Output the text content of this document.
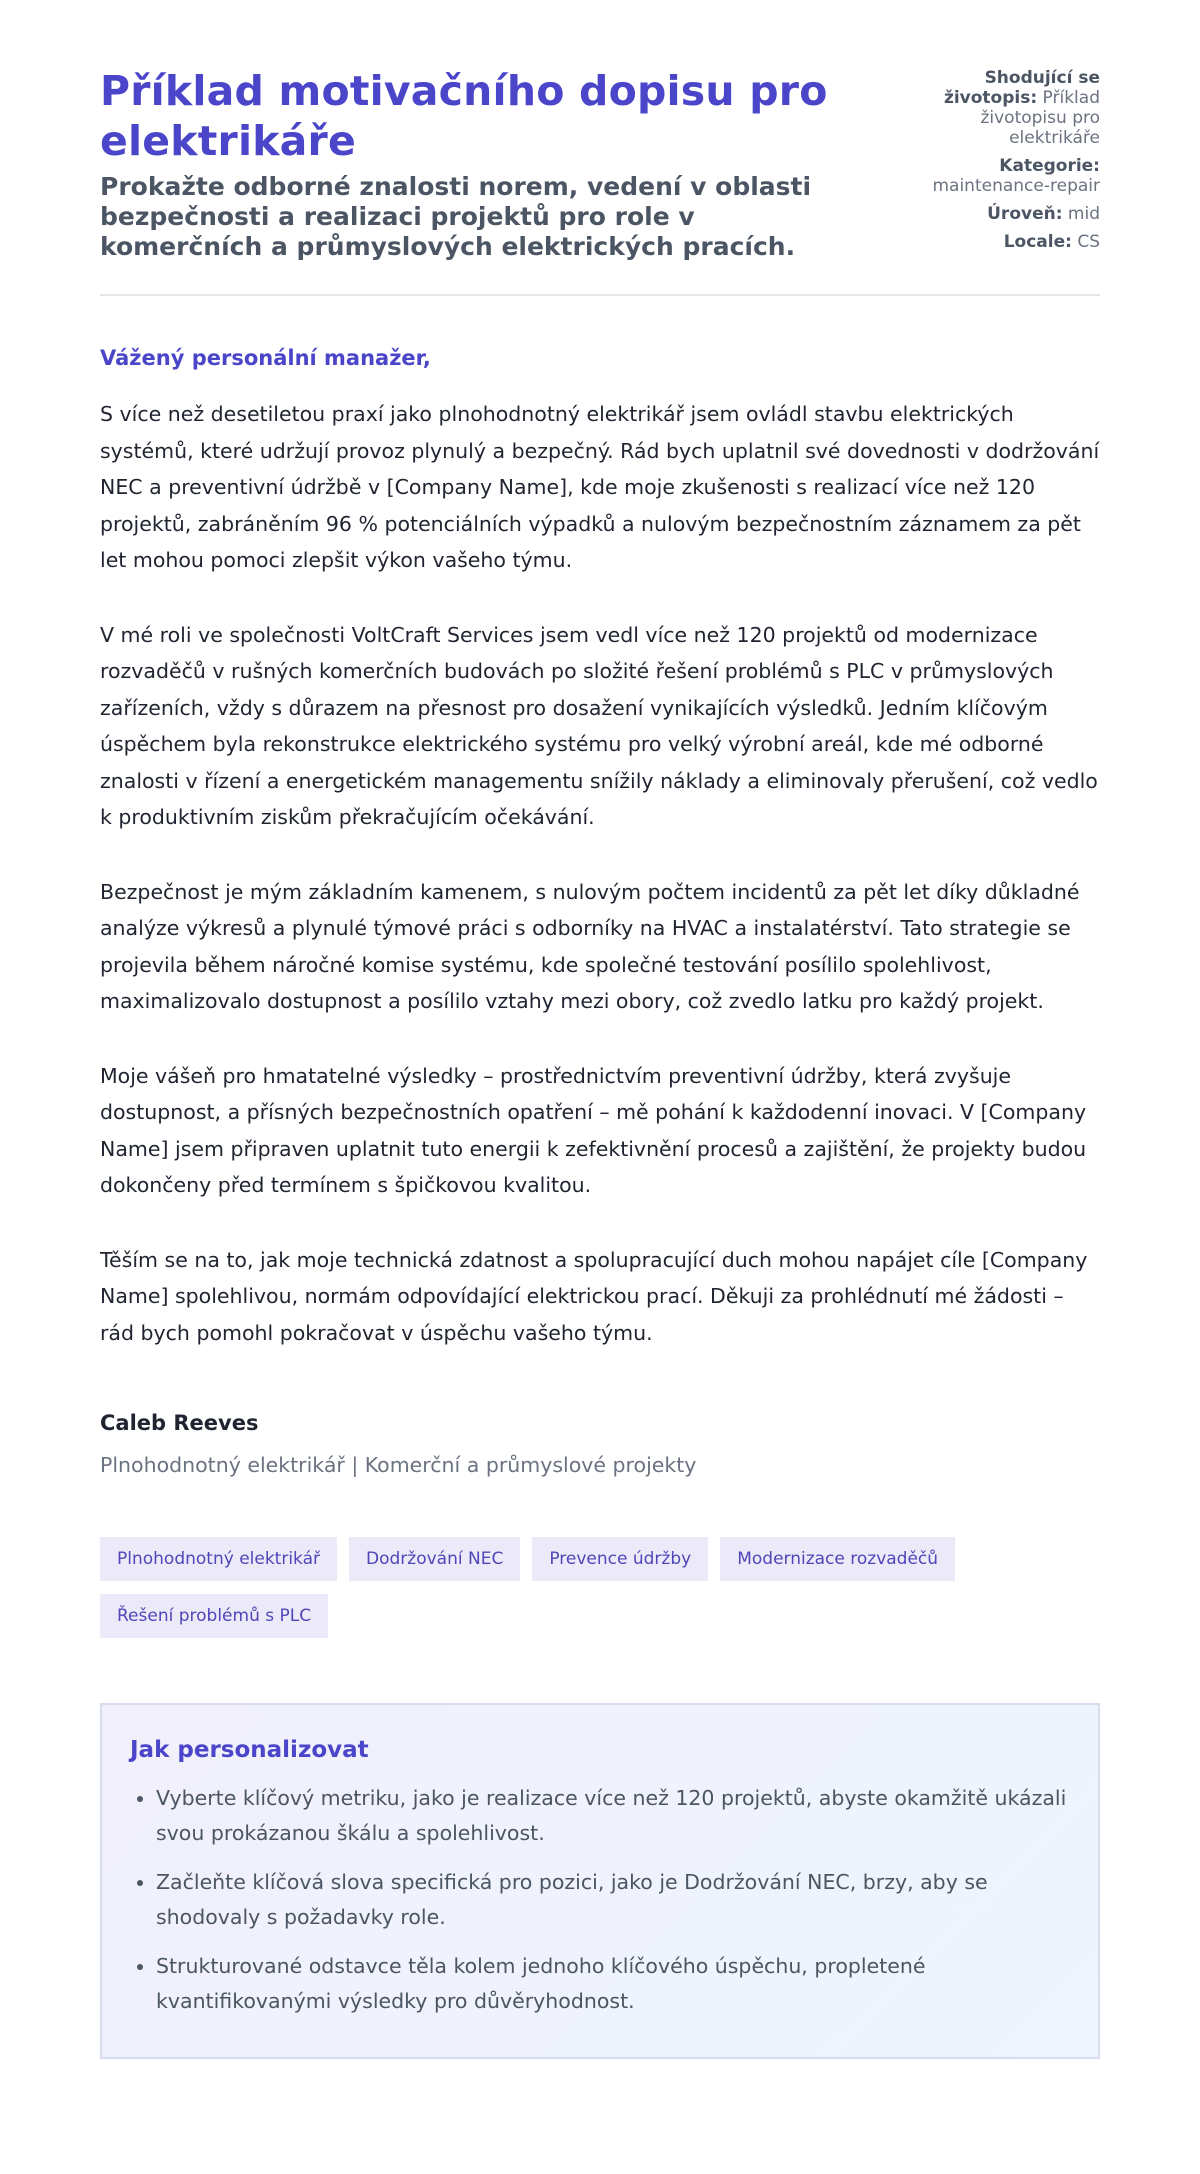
Příklad motivačního dopisu pro elektrikáře
Prokažte odborné znalosti norem, vedení v oblasti bezpečnosti a realizaci projektů pro role v komerčních a průmyslových elektrických pracích.
Shodující se životopis: Příklad životopisu pro elektrikáře
Kategorie: maintenance-repair
Úroveň: mid
Locale: CS

Vážený personální manažer,

S více než desetiletou praxí jako plnohodnotný elektrikář jsem ovládl stavbu elektrických systémů, které udržují provoz plynulý a bezpečný. Rád bych uplatnil své dovednosti v dodržování NEC a preventivní údržbě v [Company Name], kde moje zkušenosti s realizací více než 120 projektů, zabráněním 96 % potenciálních výpadků a nulovým bezpečnostním záznamem za pět let mohou pomoci zlepšit výkon vašeho týmu.

V mé roli ve společnosti VoltCraft Services jsem vedl více než 120 projektů od modernizace rozvaděčů v rušných komerčních budovách po složité řešení problémů s PLC v průmyslových zařízeních, vždy s důrazem na přesnost pro dosažení vynikajících výsledků. Jedním klíčovým úspěchem byla rekonstrukce elektrického systému pro velký výrobní areál, kde mé odborné znalosti v řízení a energetickém managementu snížily náklady a eliminovaly přerušení, což vedlo k produktivním ziskům překračujícím očekávání.

Bezpečnost je mým základním kamenem, s nulovým počtem incidentů za pět let díky důkladné analýze výkresů a plynulé týmové práci s odborníky na HVAC a instalatérství. Tato strategie se projevila během náročné komise systému, kde společné testování posílilo spolehlivost, maximalizovalo dostupnost a posílilo vztahy mezi obory, což zvedlo latku pro každý projekt.

Moje vášeň pro hmatatelné výsledky – prostřednictvím preventivní údržby, která zvyšuje dostupnost, a přísných bezpečnostních opatření – mě pohání k každodenní inovaci. V [Company Name] jsem připraven uplatnit tuto energii k zefektivnění procesů a zajištění, že projekty budou dokončeny před termínem s špičkovou kvalitou.

Těším se na to, jak moje technická zdatnost a spolupracující duch mohou napájet cíle [Company Name] spolehlivou, normám odpovídající elektrickou prací. Děkuji za prohlédnutí mé žádosti – rád bych pomohl pokračovat v úspěchu vašeho týmu.

Caleb Reeves
Plnohodnotný elektrikář | Komerční a průmyslové projekty
Plnohodnotný elektrikář	Dodržování NEC	Prevence údržby	Modernizace rozvaděčů
Řešení problémů s PLC
Jak personalizovat
• Vyberte klíčový metriku, jako je realizace více než 120 projektů, abyste okamžitě ukázali svou prokázanou škálu a spolehlivost.
• Začleňte klíčová slova specifická pro pozici, jako je Dodržování NEC, brzy, aby se shodovaly s požadavky role.
• Strukturované odstavce těla kolem jednoho klíčového úspěchu, propletené kvantifikovanými výsledky pro důvěryhodnost.
